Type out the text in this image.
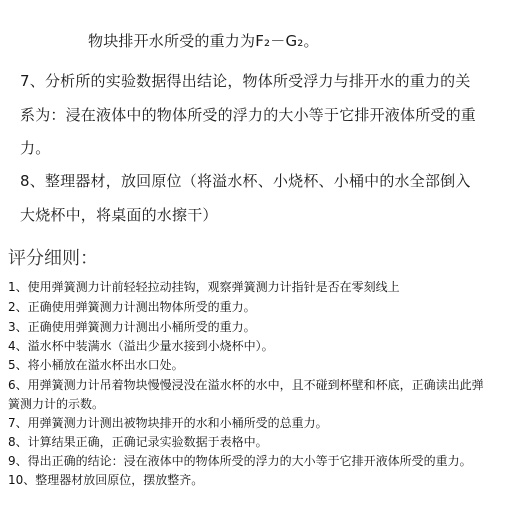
物块排开水所受的重力为F₂－G₂。
7、分析所的实验数据得出结论，物体所受浮力与排开水的重力的关
系为：浸在液体中的物体所受的浮力的大小等于它排开液体所受的重
力。
8、整理器材，放回原位（将溢水杯、小烧杯、小桶中的水全部倒入
大烧杯中，将桌面的水擦干）
评分细则：
1、使用弹簧测力计前轻轻拉动挂钩，观察弹簧测力计指针是否在零刻线上
2、正确使用弹簧测力计测出物体所受的重力。
3、正确使用弹簧测力计测出小桶所受的重力。
4、溢水杯中装满水（溢出少量水接到小烧杯中）。
5、将小桶放在溢水杯出水口处。
6、用弹簧测力计吊着物块慢慢浸没在溢水杯的水中，且不碰到杯壁和杯底，正确读出此弹
簧测力计的示数。
7、用弹簧测力计测出被物块排开的水和小桶所受的总重力。
8、计算结果正确，正确记录实验数据于表格中。
9、得出正确的结论：浸在液体中的物体所受的浮力的大小等于它排开液体所受的重力。
10、整理器材放回原位，摆放整齐。
